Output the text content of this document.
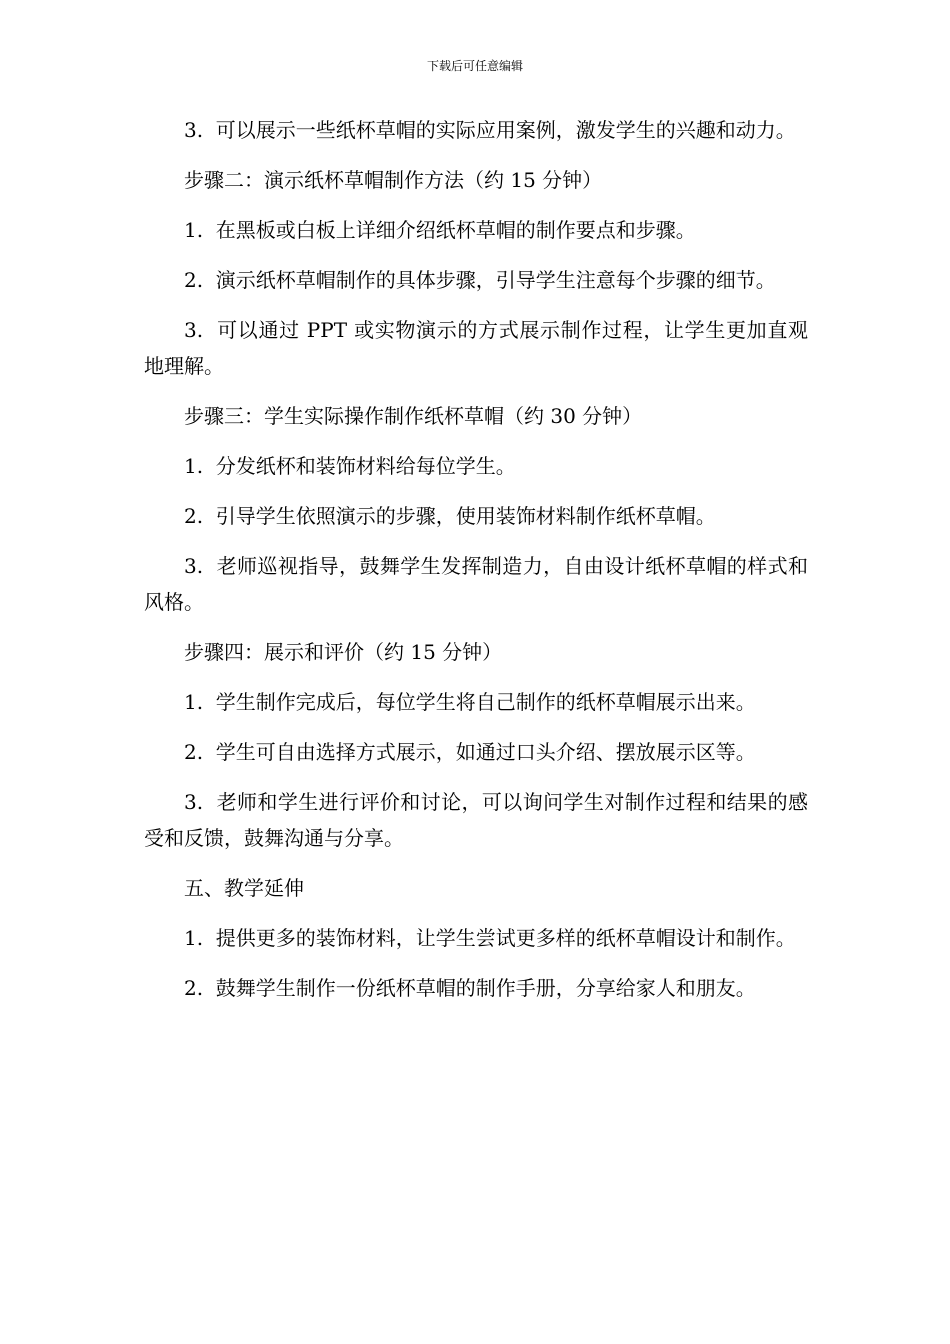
下载后可任意编辑

3.  可以展示一些纸杯草帽的实际应用案例，激发学生的兴趣和动力。

步骤二：演示纸杯草帽制作方法（约 15 分钟）

1.  在黑板或白板上详细介绍纸杯草帽的制作要点和步骤。

2.  演示纸杯草帽制作的具体步骤，引导学生注意每个步骤的细节。

3.  可以通过 PPT 或实物演示的方式展示制作过程，让学生更加直观地理解。

步骤三：学生实际操作制作纸杯草帽（约 30 分钟）

1.  分发纸杯和装饰材料给每位学生。

2.  引导学生依照演示的步骤，使用装饰材料制作纸杯草帽。

3.  老师巡视指导，鼓舞学生发挥制造力，自由设计纸杯草帽的样式和风格。

步骤四：展示和评价（约 15 分钟）

1.  学生制作完成后，每位学生将自己制作的纸杯草帽展示出来。

2.  学生可自由选择方式展示，如通过口头介绍、摆放展示区等。

3.  老师和学生进行评价和讨论，可以询问学生对制作过程和结果的感受和反馈，鼓舞沟通与分享。

五、教学延伸

1.  提供更多的装饰材料，让学生尝试更多样的纸杯草帽设计和制作。

2.  鼓舞学生制作一份纸杯草帽的制作手册，分享给家人和朋友。
